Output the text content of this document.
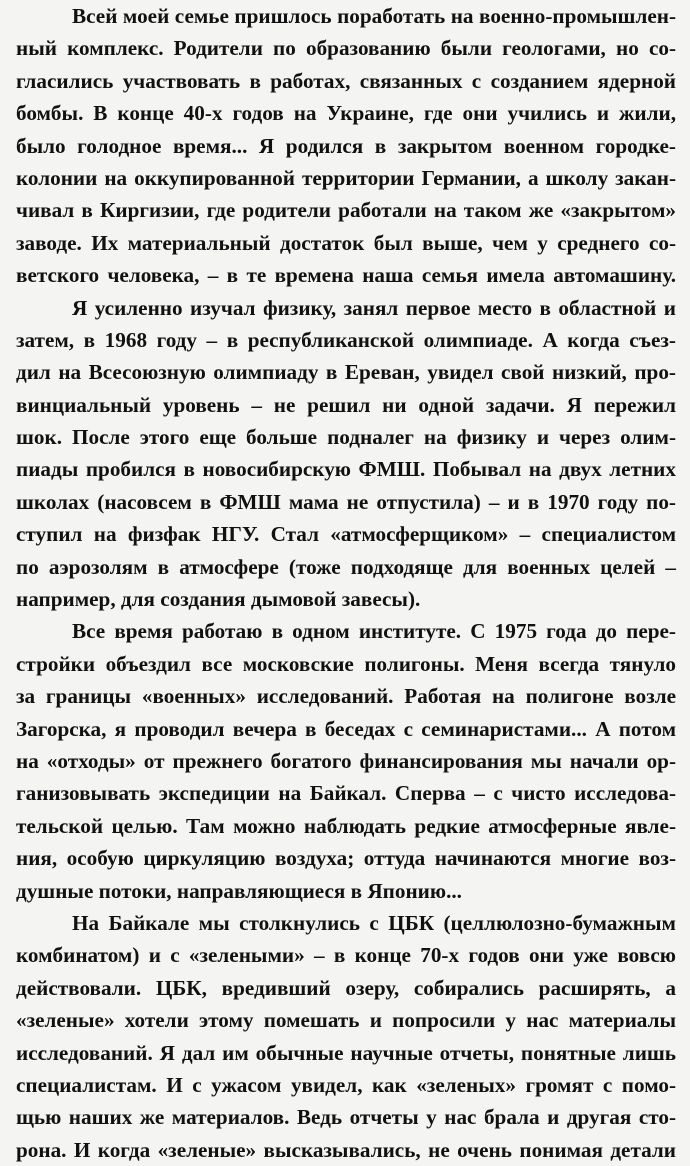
Всей моей семье пришлось поработать на военно-промышлен-
ный комплекс. Родители по образованию были геологами, но со-
гласились участвовать в работах, связанных с созданием ядерной
бомбы. В конце 40-х годов на Украине, где они учились и жили,
было голодное время... Я родился в закрытом военном городке-
колонии на оккупированной территории Германии, а школу закан-
чивал в Киргизии, где родители работали на таком же «закрытом»
заводе. Их материальный достаток был выше, чем у среднего со-
ветского человека, – в те времена наша семья имела автомашину.

Я усиленно изучал физику, занял первое место в областной и
затем, в 1968 году – в республиканской олимпиаде. А когда съез-
дил на Всесоюзную олимпиаду в Ереван, увидел свой низкий, про-
винциальный уровень – не решил ни одной задачи. Я пережил
шок. После этого еще больше подналег на физику и через олим-
пиады пробился в новосибирскую ФМШ. Побывал на двух летних
школах (насовсем в ФМШ мама не отпустила) – и в 1970 году по-
ступил на физфак НГУ. Стал «атмосферщиком» – специалистом
по аэрозолям в атмосфере (тоже подходяще для военных целей –
например, для создания дымовой завесы).

Все время работаю в одном институте. С 1975 года до пере-
стройки объездил все московские полигоны. Меня всегда тянуло
за границы «военных» исследований. Работая на полигоне возле
Загорска, я проводил вечера в беседах с семинаристами... А потом
на «отходы» от прежнего богатого финансирования мы начали ор-
ганизовывать экспедиции на Байкал. Сперва – с чисто исследова-
тельской целью. Там можно наблюдать редкие атмосферные явле-
ния, особую циркуляцию воздуха; оттуда начинаются многие воз-
душные потоки, направляющиеся в Японию...

На Байкале мы столкнулись с ЦБК (целлюлозно-бумажным
комбинатом) и с «зелеными» – в конце 70-х годов они уже вовсю
действовали. ЦБК, вредивший озеру, собирались расширять, а
«зеленые» хотели этому помешать и попросили у нас материалы
исследований. Я дал им обычные научные отчеты, понятные лишь
специалистам. И с ужасом увидел, как «зеленых» громят с помо-
щью наших же материалов. Ведь отчеты у нас брала и другая сто-
рона. И когда «зеленые» высказывались, не очень понимая детали
